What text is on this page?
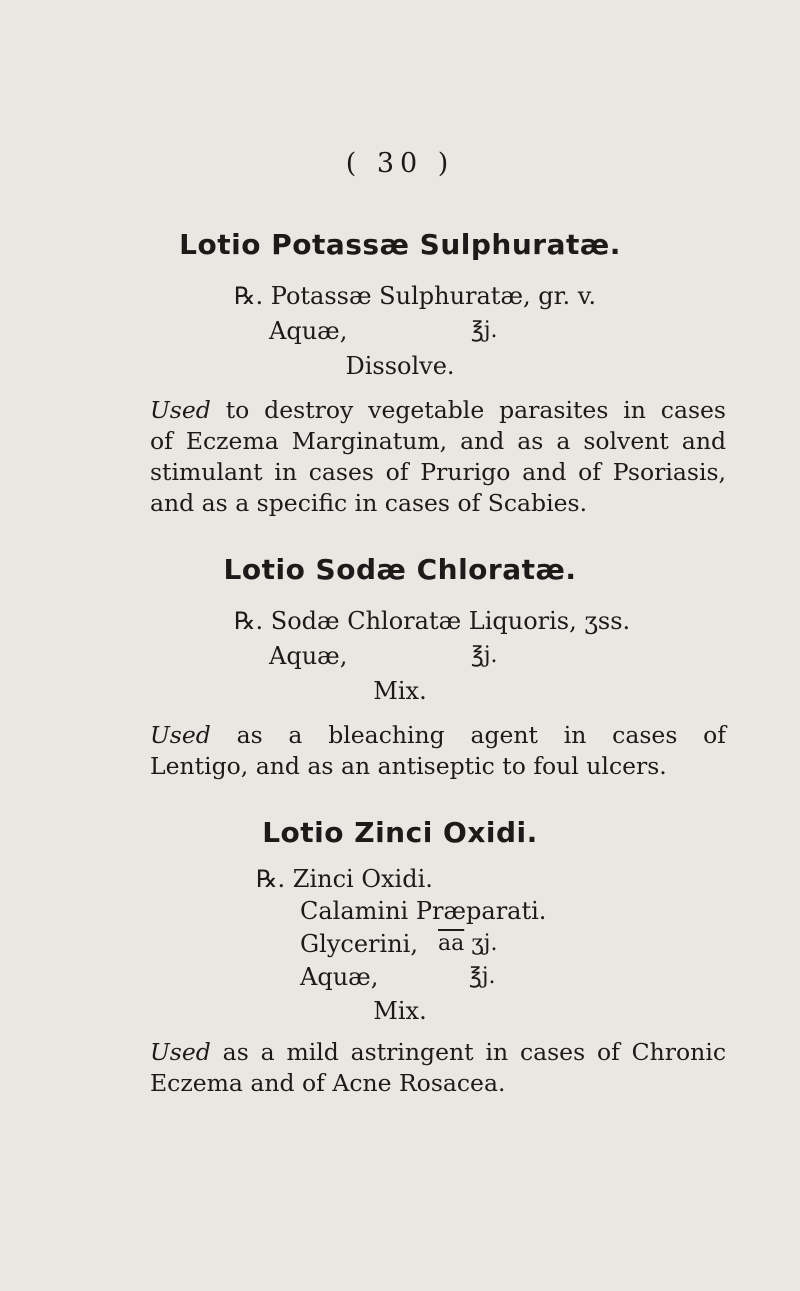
( 30 )
Lotio Potassæ Sulphuratæ.
℞. Potassæ Sulphuratæ, gr. v.
Aquæ,	℥j.
Dissolve.
Used to destroy vegetable parasites in cases
of Eczema Marginatum, and as a solvent and
stimulant in cases of Prurigo and of Psoriasis,
and as a specific in cases of Scabies.
Lotio Sodæ Chloratæ.
℞. Sodæ Chloratæ Liquoris, ʒss.
Aquæ,	℥j.
Mix.
Used as a bleaching agent in cases of
Lentigo, and as an antiseptic to foul ulcers.
Lotio Zinci Oxidi.
℞. Zinci Oxidi.
Calamini Præparati.
Glycerini, $\overline{aa}$ ʒj.
Aquæ,	℥j.
Mix.
Used as a mild astringent in cases of Chronic
Eczema and of Acne Rosacea.
